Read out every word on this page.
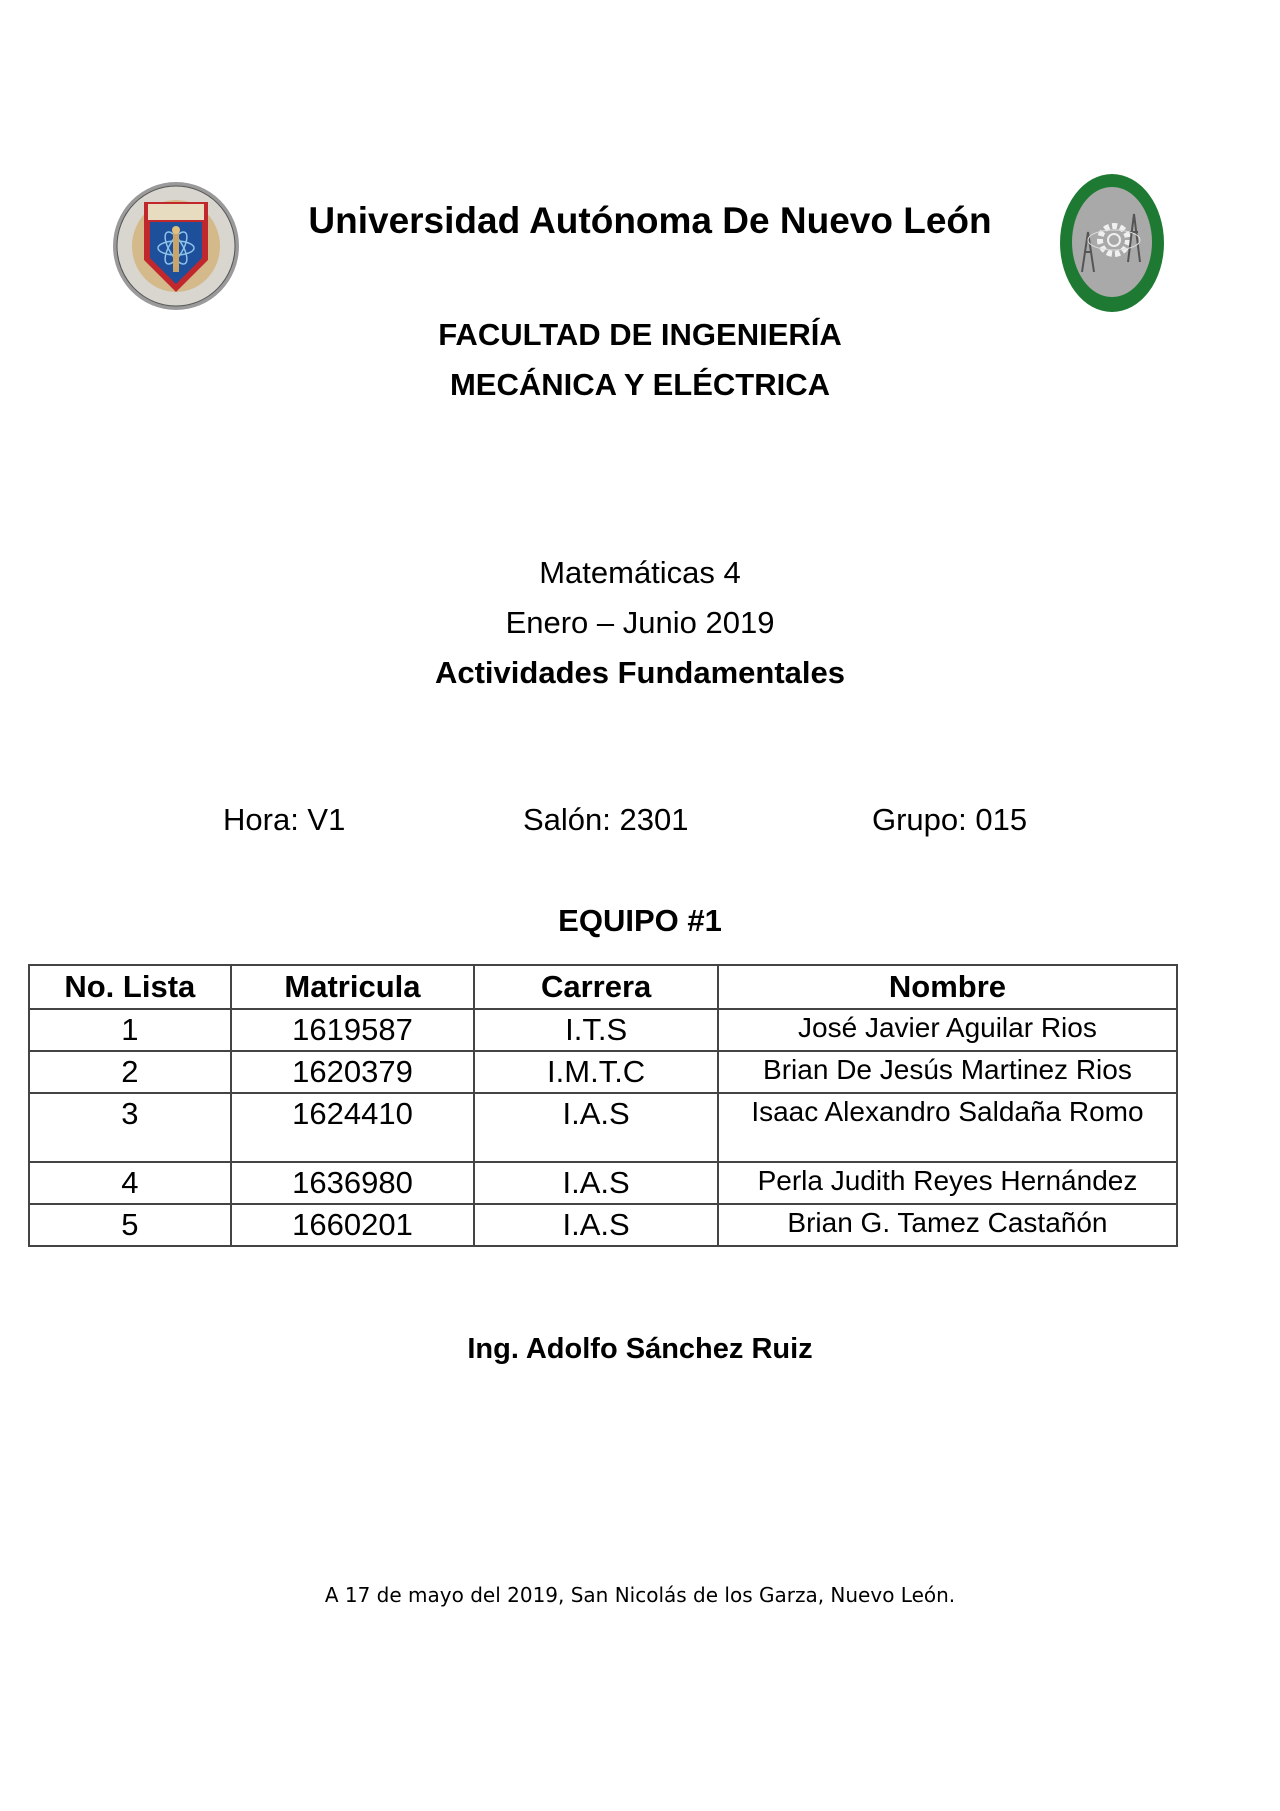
Universidad Autónoma De Nuevo León
FACULTAD DE INGENIERÍA
MECÁNICA Y ELÉCTRICA
Matemáticas 4
Enero – Junio 2019
Actividades Fundamentales
Hora: V1	Salón: 2301	Grupo: 015
EQUIPO #1
No. Lista	Matricula	Carrera	Nombre
1	1619587	I.T.S	José Javier Aguilar Rios
2	1620379	I.M.T.C	Brian De Jesús Martinez Rios
3	1624410	I.A.S	Isaac Alexandro Saldaña Romo
4	1636980	I.A.S	Perla Judith Reyes Hernández
5	1660201	I.A.S	Brian G. Tamez Castañón
Ing. Adolfo Sánchez Ruiz
A 17 de mayo del 2019, San Nicolás de los Garza, Nuevo León.
